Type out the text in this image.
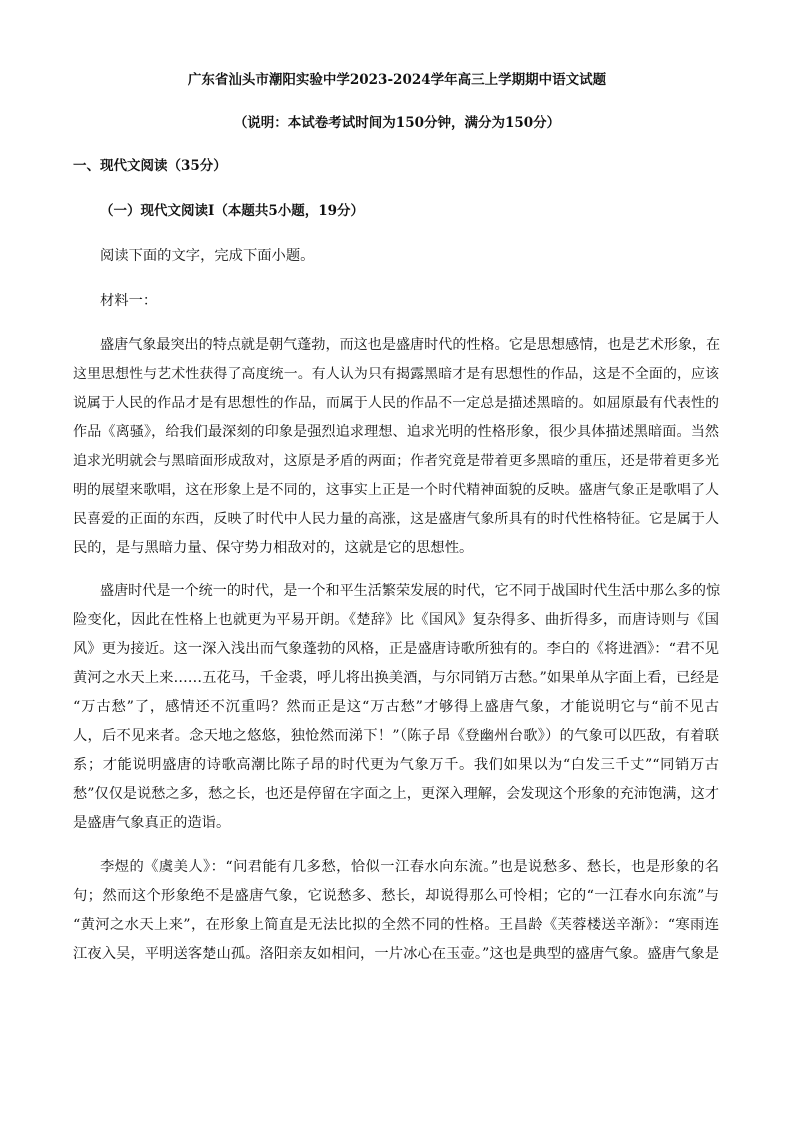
广东省汕头市潮阳实验中学2023-2024学年高三上学期期中语文试题
（说明：本试卷考试时间为150分钟，满分为150分）
一、现代文阅读（35分）
（一）现代文阅读Ⅰ（本题共5小题，19分）
阅读下面的文字，完成下面小题。
材料一：
盛唐气象最突出的特点就是朝气蓬勃，而这也是盛唐时代的性格。它是思想感情，也是艺术形象，在
这里思想性与艺术性获得了高度统一。有人认为只有揭露黑暗才是有思想性的作品，这是不全面的，应该
说属于人民的作品才是有思想性的作品，而属于人民的作品不一定总是描述黑暗的。如屈原最有代表性的
作品《离骚》，给我们最深刻的印象是强烈追求理想、追求光明的性格形象，很少具体描述黑暗面。当然
追求光明就会与黑暗面形成敌对，这原是矛盾的两面；作者究竟是带着更多黑暗的重压，还是带着更多光
明的展望来歌唱，这在形象上是不同的，这事实上正是一个时代精神面貌的反映。盛唐气象正是歌唱了人
民喜爱的正面的东西，反映了时代中人民力量的高涨，这是盛唐气象所具有的时代性格特征。它是属于人
民的，是与黑暗力量、保守势力相敌对的，这就是它的思想性。
盛唐时代是一个统一的时代，是一个和平生活繁荣发展的时代，它不同于战国时代生活中那么多的惊
险变化，因此在性格上也就更为平易开朗。《楚辞》比《国风》复杂得多、曲折得多，而唐诗则与《国
风》更为接近。这一深入浅出而气象蓬勃的风格，正是盛唐诗歌所独有的。李白的《将进酒》：“君不见
黄河之水天上来……五花马，千金裘，呼儿将出换美酒，与尔同销万古愁。”如果单从字面上看，已经是
“万古愁”了，感情还不沉重吗？然而正是这“万古愁”才够得上盛唐气象，才能说明它与“前不见古
人，后不见来者。念天地之悠悠，独怆然而涕下！”（陈子昂《登幽州台歌》）的气象可以匹敌，有着联
系；才能说明盛唐的诗歌高潮比陈子昂的时代更为气象万千。我们如果以为“白发三千丈”“同销万古
愁”仅仅是说愁之多，愁之长，也还是停留在字面之上，更深入理解，会发现这个形象的充沛饱满，这才
是盛唐气象真正的造诣。
李煜的《虞美人》：“问君能有几多愁，恰似一江春水向东流。”也是说愁多、愁长，也是形象的名
句；然而这个形象绝不是盛唐气象，它说愁多、愁长，却说得那么可怜相；它的“一江春水向东流”与
“黄河之水天上来”，在形象上简直是无法比拟的全然不同的性格。王昌龄《芙蓉楼送辛渐》：“寒雨连
江夜入吴，平明送客楚山孤。洛阳亲友如相问，一片冰心在玉壶。”这也是典型的盛唐气象。盛唐气象是
